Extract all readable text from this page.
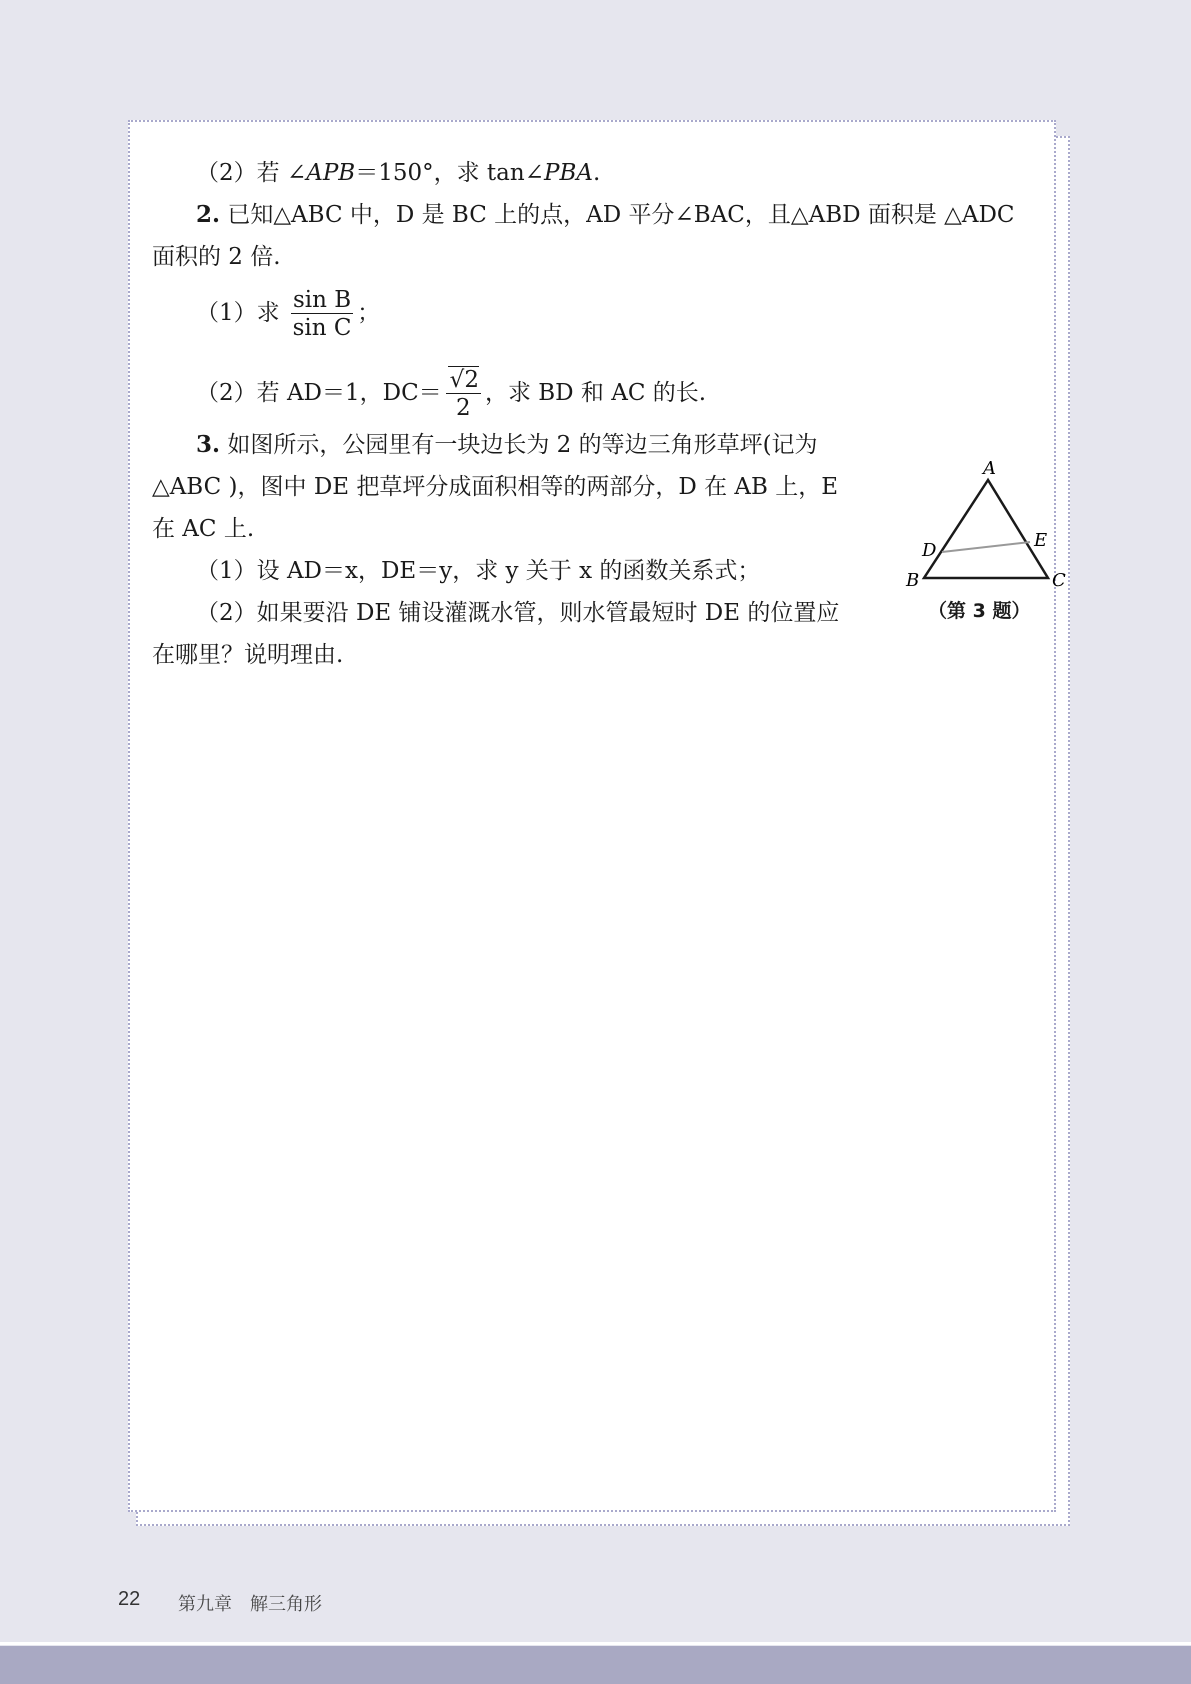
（2）若 ∠APB＝150°，求 tan∠PBA.
2. 已知△ABC 中，D 是 BC 上的点，AD 平分∠BAC，且△ABD 面积是 △ADC
面积的 2 倍.
（1）求 $\frac{\text{sin B}}{\text{sin C}}$ ；
（2）若 AD＝1，$DC= \frac{√2}{2}$ ，求 BD 和 AC 的长.
3. 如图所示，公园里有一块边长为 2 的等边三角形草坪(记为
△ABC )，图中 DE 把草坪分成面积相等的两部分，D 在 AB 上，E
在 AC 上.
（1）设 AD＝x，DE＝y，求 y 关于 x 的函数关系式；
（2）如果要沿 DE 铺设灌溉水管，则水管最短时 DE 的位置应
在哪里？说明理由.
A
B	C
D	E
（第 3 题）
22 第九章　解三角形
